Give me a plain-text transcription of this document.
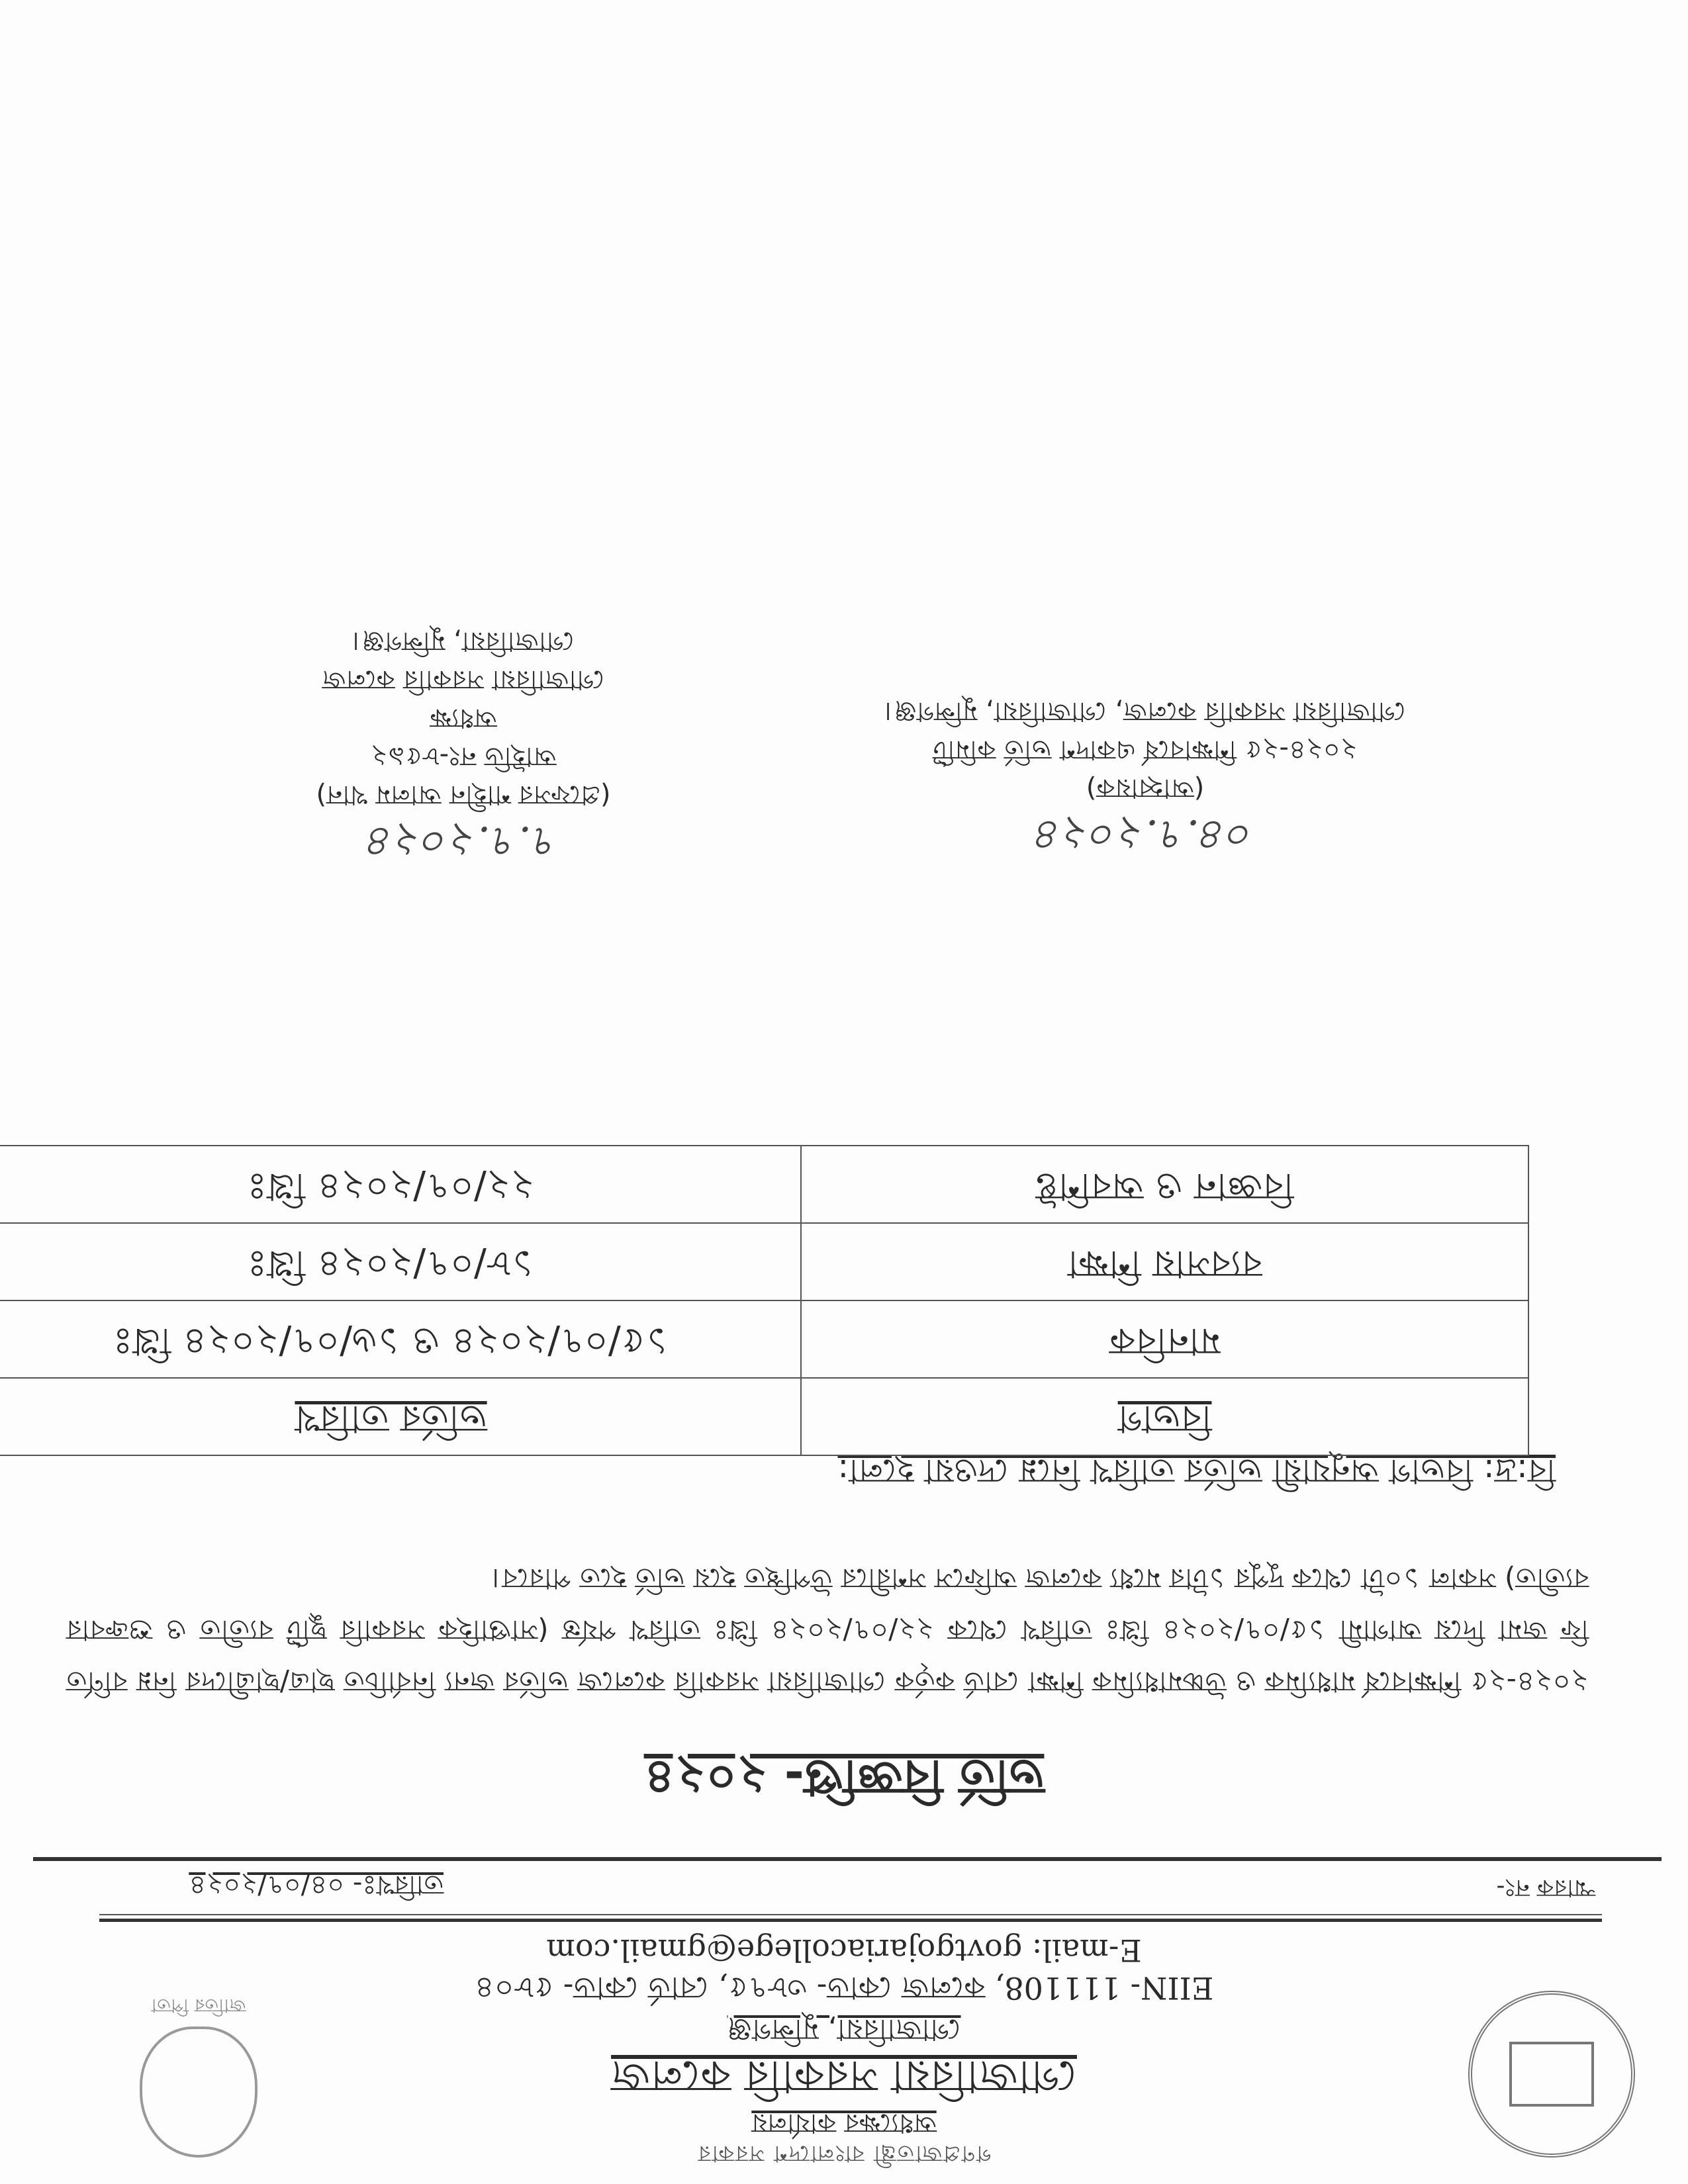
জাতির পিতা
গণপ্রজাতন্ত্রী বাংলাদেশ সরকার
অধ্যক্ষের কার্যালয়
গোজারিয়া সরকারি কলেজ
গোজারিয়া, মুন্সিগঞ্জ
EIIN- 111108, কলেজ কোড- ৩৮৭৫, বোর্ড কোড- ৫৮০৪
E-mail: govtgojariacollege@gmail.com
স্মারক নং-
তারিখঃ- ০৪/০৭/২০২৪
ভর্তি বিজ্ঞপ্তি- ২০২৪
২০২৪-২৫ শিক্ষাবর্ষে মাধ্যমিক ও উচ্চমাধ্যমিক শিক্ষা বোর্ড কর্তৃক গোজারিয়া সরকারি কলেজে ভর্তির জন্য নির্বাচিত ছাত্র/ছাত্রীদের নিম্ন বর্ণিত ফি জমা দিয়ে আগামী ১৫/০৭/২০২৪ খ্রিঃ তারিখ থেকে ২২/০৭/২০২৪ খ্রিঃ তারিখ পর্যন্ত (সাপ্তাহিক সরকারি ছুটি ব্যতীত ও শুক্রবার ব্যতীত) সকাল ১০টা থেকে দুপুর ১টার মধ্যে কলেজ অফিসে সশরীরে উপস্থিত হয়ে ভর্তি হতে পারবে।
বি:দ্র: বিভাগ অনুযায়ী ভর্তির তারিখ নিম্নে দেওয়া হলো:
বিভাগ	ভর্তির তারিখ
মানবিক	১৫/০৭/২০২৪ ও ১৬/০৭/২০২৪ খ্রিঃ
ব্যবসায় শিক্ষা	১৮/০৭/২০২৪ খ্রিঃ
বিজ্ঞান ও অবশিষ্ট	২২/০৭/২০২৪ খ্রিঃ
০৪.৭.২০২৪
(আহ্বায়ক)
২০২৪-২৫ শিক্ষাবর্ষে একাদশ ভর্তি কমিটি
গোজারিয়া সরকারি কলেজ, গোজারিয়া, মুন্সিগঞ্জ।
৭.৭.২০২৪
(প্রফেসর শাহীন আলম খান)
আইডি নং-৮৫৯২
অধ্যক্ষ
গোজারিয়া সরকারি কলেজ
গোজারিয়া, মুন্সিগঞ্জ।
